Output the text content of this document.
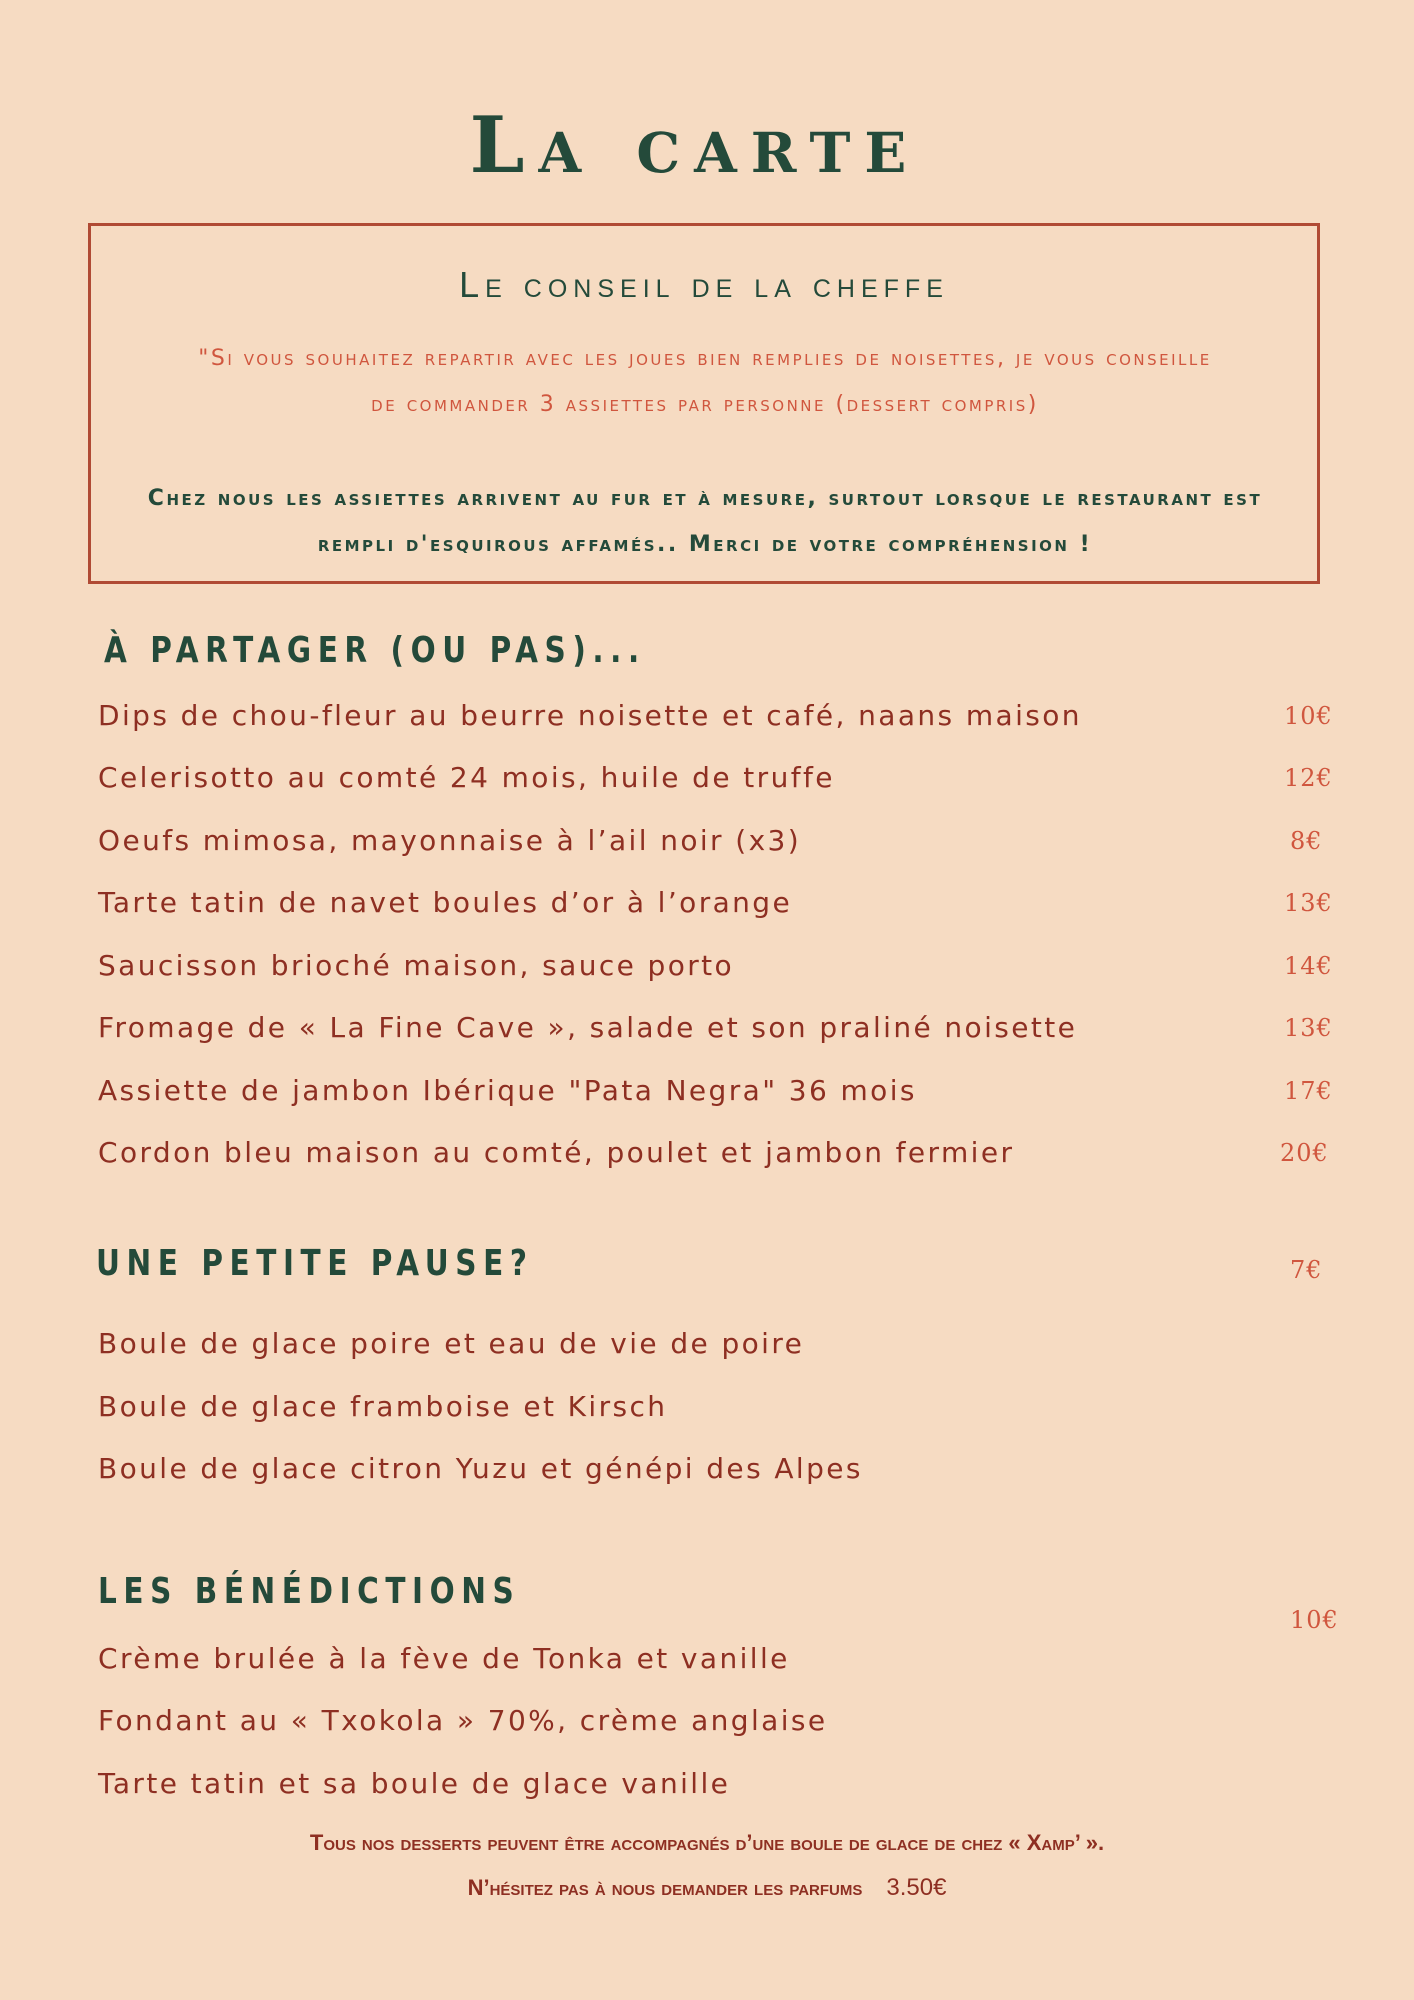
La carte
Le conseil de la cheffe
"Si vous souhaitez repartir avec les joues bien remplies de noisettes, je vous conseille
de commander 3 assiettes par personne (dessert compris)
Chez nous les assiettes arrivent au fur et à mesure, surtout lorsque le restaurant est
rempli d'esquirous affamés.. Merci de votre compréhension !
À PARTAGER (OU PAS)...
Dips de chou-fleur au beurre noisette et café, naans maison	10€
Celerisotto au comté 24 mois, huile de truffe	12€
Oeufs mimosa, mayonnaise à l’ail noir (x3)	8€
Tarte tatin de navet boules d’or à l’orange	13€
Saucisson brioché maison, sauce porto	14€
Fromage de « La Fine Cave », salade et son praliné noisette	13€
Assiette de jambon Ibérique "Pata Negra" 36 mois	17€
Cordon bleu maison au comté, poulet et jambon fermier	20€
UNE PETITE PAUSE?	7€
Boule de glace poire et eau de vie de poire
Boule de glace framboise et Kirsch
Boule de glace citron Yuzu et génépi des Alpes
LES BÉNÉDICTIONS
10€
Crème brulée à la fève de Tonka et vanille
Fondant au « Txokola » 70%, crème anglaise
Tarte tatin et sa boule de glace vanille
Tous nos desserts peuvent être accompagnés d’une boule de glace de chez « Xamp’ ».
N’hésitez pas à nous demander les parfums 3.50€
